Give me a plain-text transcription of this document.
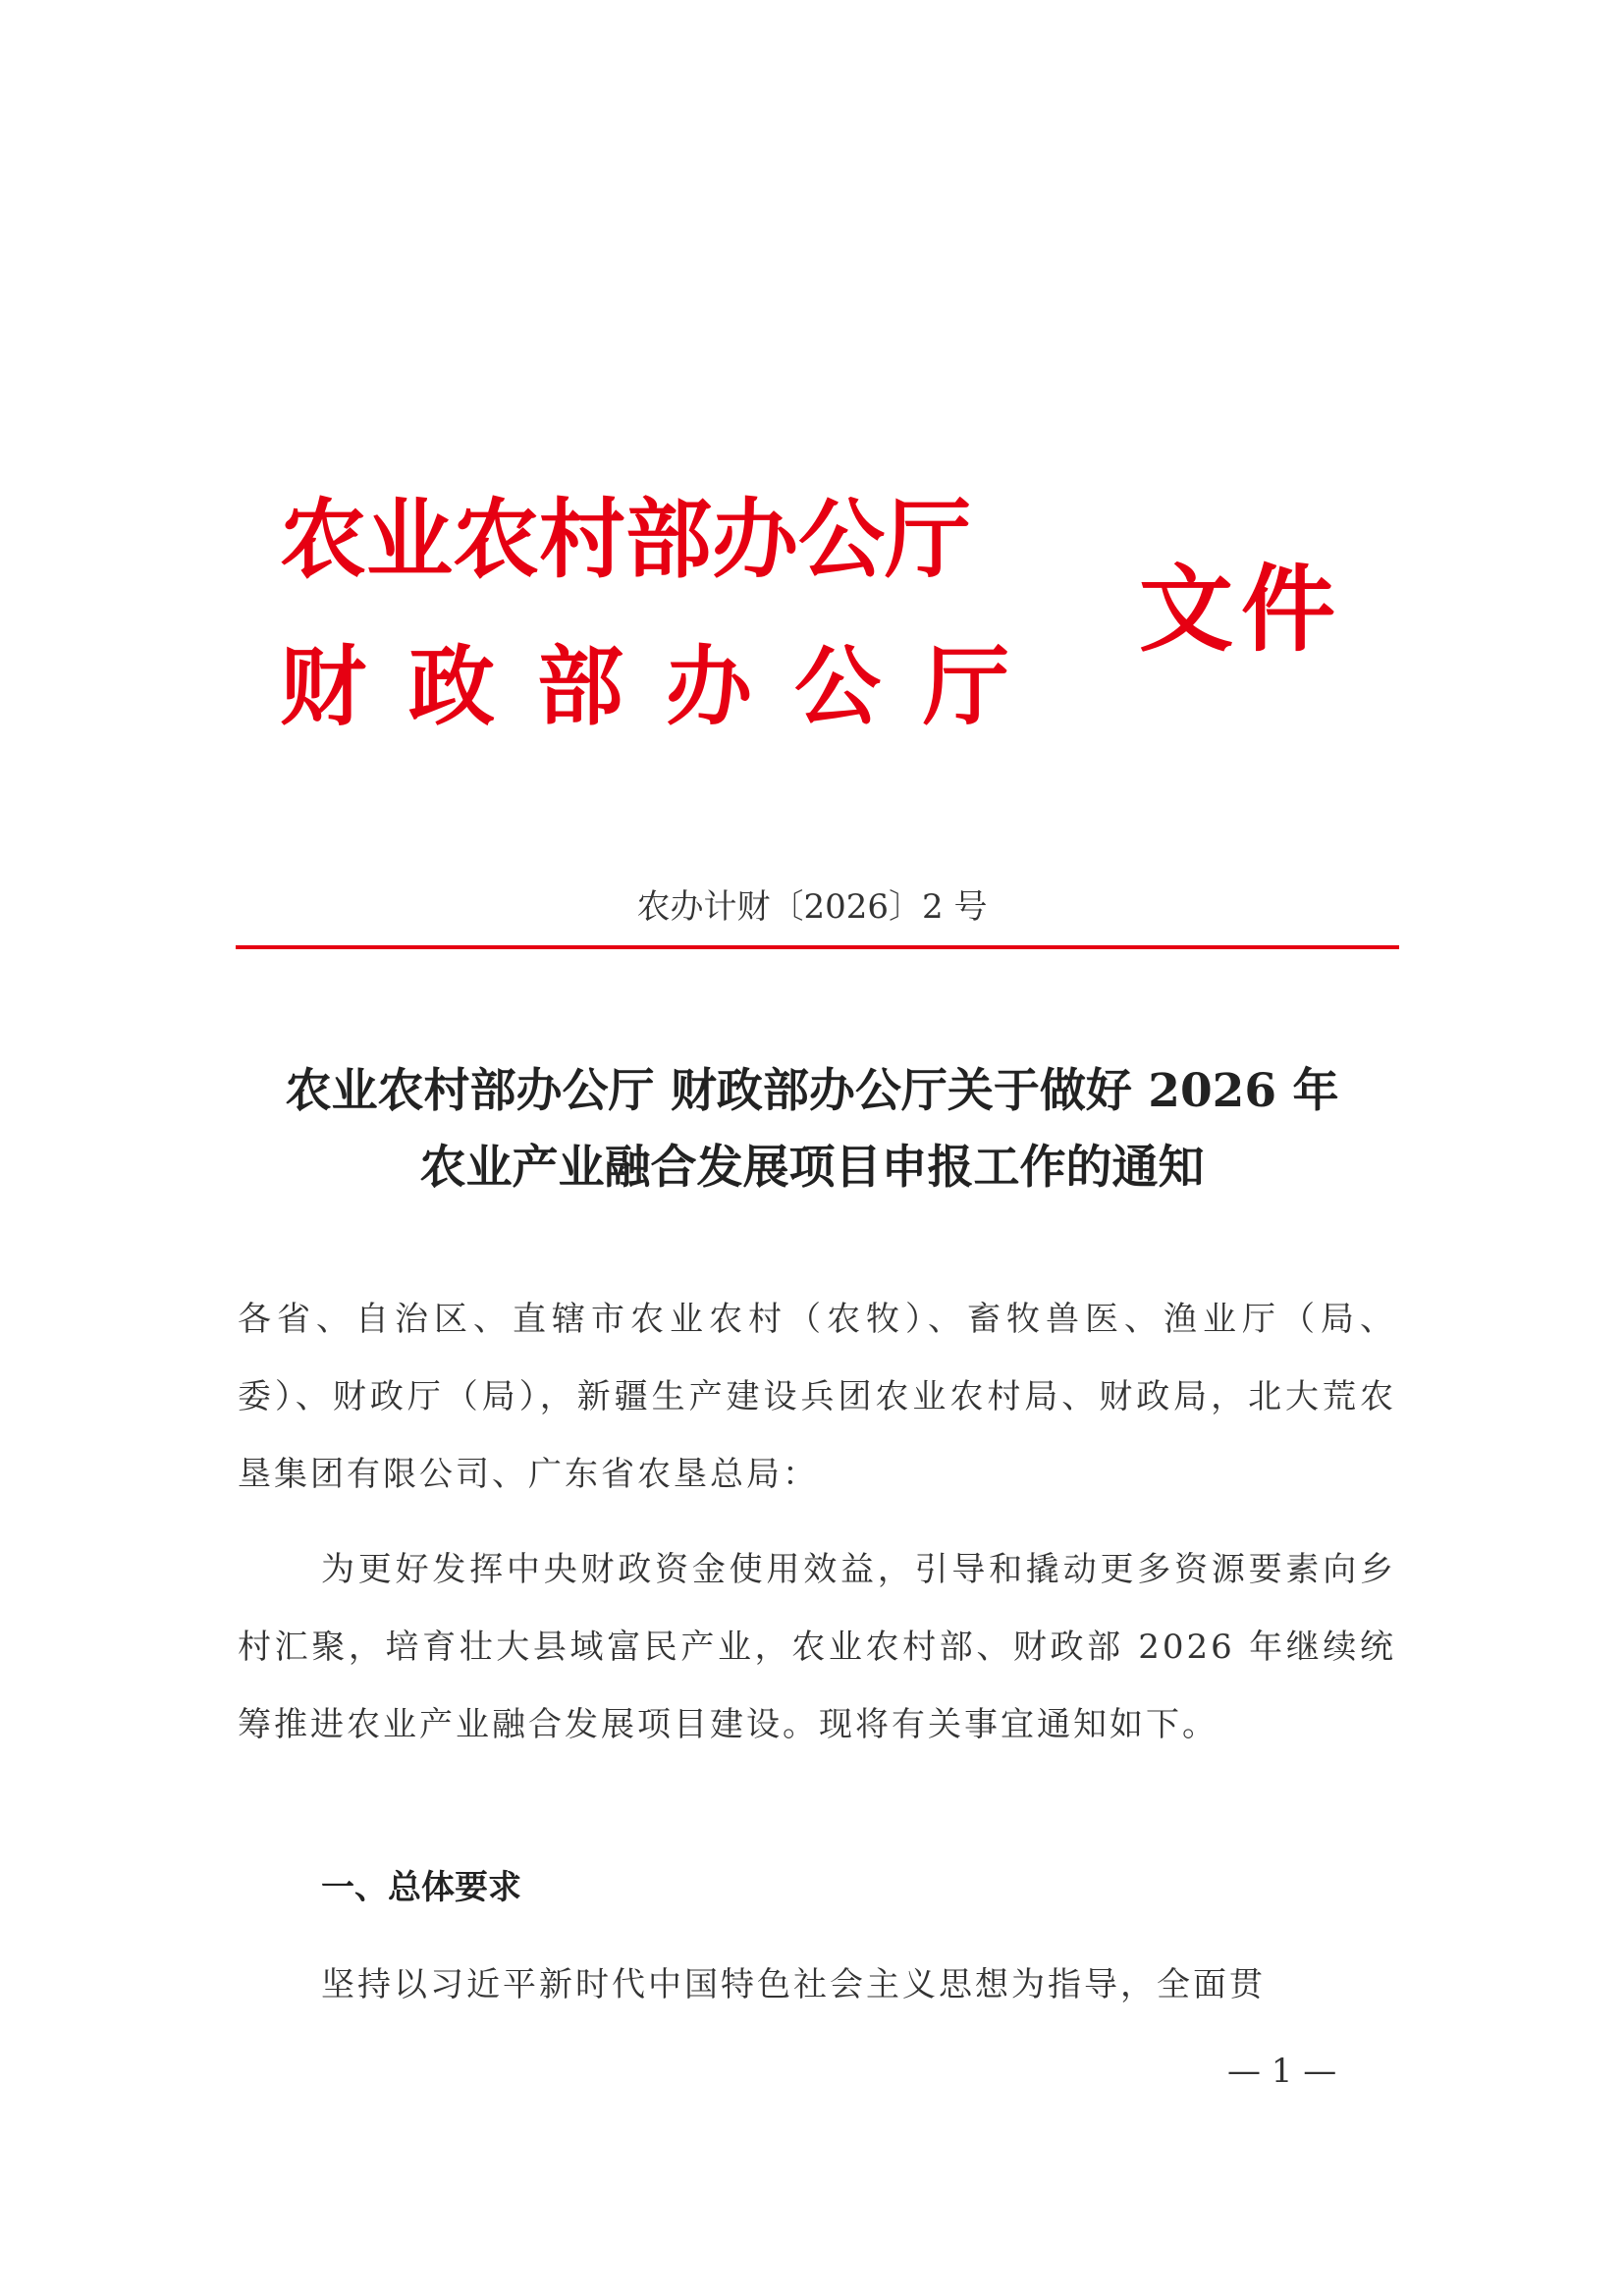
农业农村部办公厅
财政部办公厅
文件
农办计财〔2026〕2 号
农业农村部办公厅 财政部办公厅关于做好 2026 年
农业产业融合发展项目申报工作的通知
各省、自治区、直辖市农业农村（农牧）、畜牧兽医、渔业厅（局、委）、财政厅（局），新疆生产建设兵团农业农村局、财政局，北大荒农垦集团有限公司、广东省农垦总局：
为更好发挥中央财政资金使用效益，引导和撬动更多资源要素向乡村汇聚，培育壮大县域富民产业，农业农村部、财政部 2026 年继续统筹推进农业产业融合发展项目建设。现将有关事宜通知如下。
一、总体要求
坚持以习近平新时代中国特色社会主义思想为指导，全面贯
— 1 —
